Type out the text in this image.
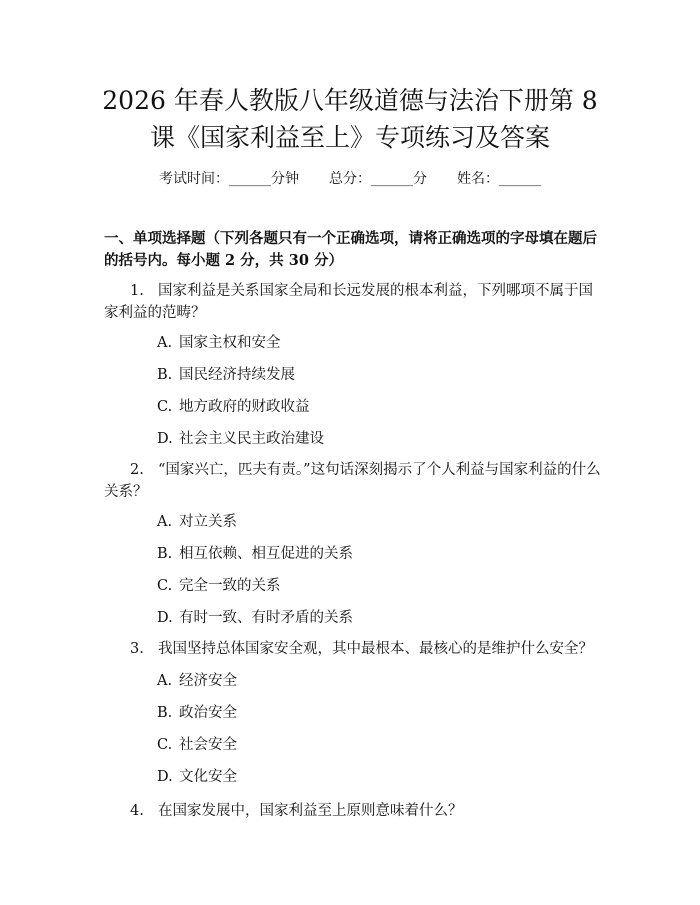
2026 年春人教版八年级道德与法治下册第 8
课《国家利益至上》专项练习及答案
考试时间：______分钟 总分：______分 姓名：______

一、单项选择题（下列各题只有一个正确选项，请将正确选项的字母填在题后的括号内。每小题 2 分，共 30 分）

1. 国家利益是关系国家全局和长远发展的根本利益，下列哪项不属于国家利益的范畴？
A. 国家主权和安全
B. 国民经济持续发展
C. 地方政府的财政收益
D. 社会主义民主政治建设
2. “国家兴亡，匹夫有责。”这句话深刻揭示了个人利益与国家利益的什么关系？
A. 对立关系
B. 相互依赖、相互促进的关系
C. 完全一致的关系
D. 有时一致、有时矛盾的关系
3. 我国坚持总体国家安全观，其中最根本、最核心的是维护什么安全？
A. 经济安全
B. 政治安全
C. 社会安全
D. 文化安全
4. 在国家发展中，国家利益至上原则意味着什么？
